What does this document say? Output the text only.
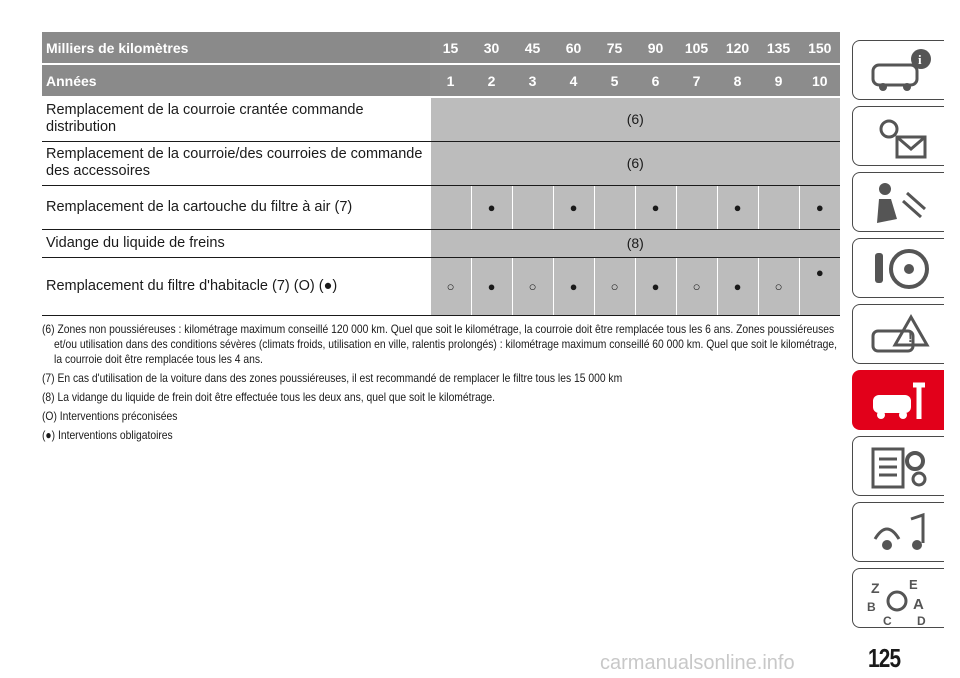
Milliers de kilomètres	15	30	45	60	75	90	105	120	135	150
Années	1	2	3	4	5	6	7	8	9	10
Remplacement de la courroie crantée commande distribution	(6)									
Remplacement de la courroie/des courroies de commande des accessoires	(6)									
Remplacement de la cartouche du filtre à air (7)		●		●		●		●		●
Vidange du liquide de freins	(8)									
Remplacement du filtre d'habitacle (7) (O) (●)	○	●	○	●	○	●	○	●	○	●

(6) Zones non poussiéreuses : kilométrage maximum conseillé 120 000 km. Quel que soit le kilométrage, la courroie doit être remplacée tous les 6 ans. Zones poussiéreuses et/ou utilisation dans des conditions sévères (climats froids, utilisation en ville, ralentis prolongés) : kilométrage maximum conseillé 60 000 km. Quel que soit le kilométrage, la courroie doit être remplacée tous les 4 ans.

(7) En cas d'utilisation de la voiture dans des zones poussiéreuses, il est recommandé de remplacer le filtre tous les 15 000 km

(8) La vidange du liquide de frein doit être effectuée tous les deux ans, quel que soit le kilométrage.

(O) Interventions préconisées

(●) Interventions obligatoires

i
!
Z E
B A
C D
125
carmanualsonline.info
